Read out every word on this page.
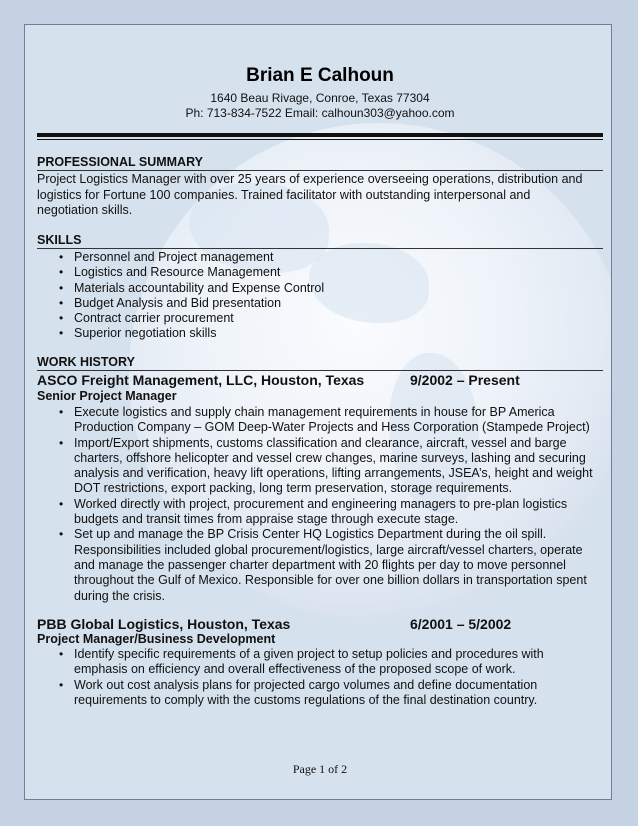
Brian E Calhoun
1640 Beau Rivage, Conroe, Texas 77304
Ph: 713-834-7522 Email: calhoun303@yahoo.com
PROFESSIONAL SUMMARY
Project Logistics Manager with over 25 years of experience overseeing operations, distribution and
logistics for Fortune 100 companies. Trained facilitator with outstanding interpersonal and
negotiation skills.
SKILLS
• Personnel and Project management
• Logistics and Resource Management
• Materials accountability and Expense Control
• Budget Analysis and Bid presentation
• Contract carrier procurement
• Superior negotiation skills
WORK HISTORY
ASCO Freight Management, LLC, Houston, Texas	9/2002 – Present
Senior Project Manager
• Execute logistics and supply chain management requirements in house for BP America
Production Company – GOM Deep-Water Projects and Hess Corporation (Stampede Project)
• Import/Export shipments, customs classification and clearance, aircraft, vessel and barge
charters, offshore helicopter and vessel crew changes, marine surveys, lashing and securing
analysis and verification, heavy lift operations, lifting arrangements, JSEA’s, height and weight
DOT restrictions, export packing, long term preservation, storage requirements.
• Worked directly with project, procurement and engineering managers to pre-plan logistics
budgets and transit times from appraise stage through execute stage.
• Set up and manage the BP Crisis Center HQ Logistics Department during the oil spill.
Responsibilities included global procurement/logistics, large aircraft/vessel charters, operate
and manage the passenger charter department with 20 flights per day to move personnel
throughout the Gulf of Mexico. Responsible for over one billion dollars in transportation spent
during the crisis.
PBB Global Logistics, Houston, Texas	6/2001 – 5/2002
Project Manager/Business Development
• Identify specific requirements of a given project to setup policies and procedures with
emphasis on efficiency and overall effectiveness of the proposed scope of work.
• Work out cost analysis plans for projected cargo volumes and define documentation
requirements to comply with the customs regulations of the final destination country.
Page 1 of 2
